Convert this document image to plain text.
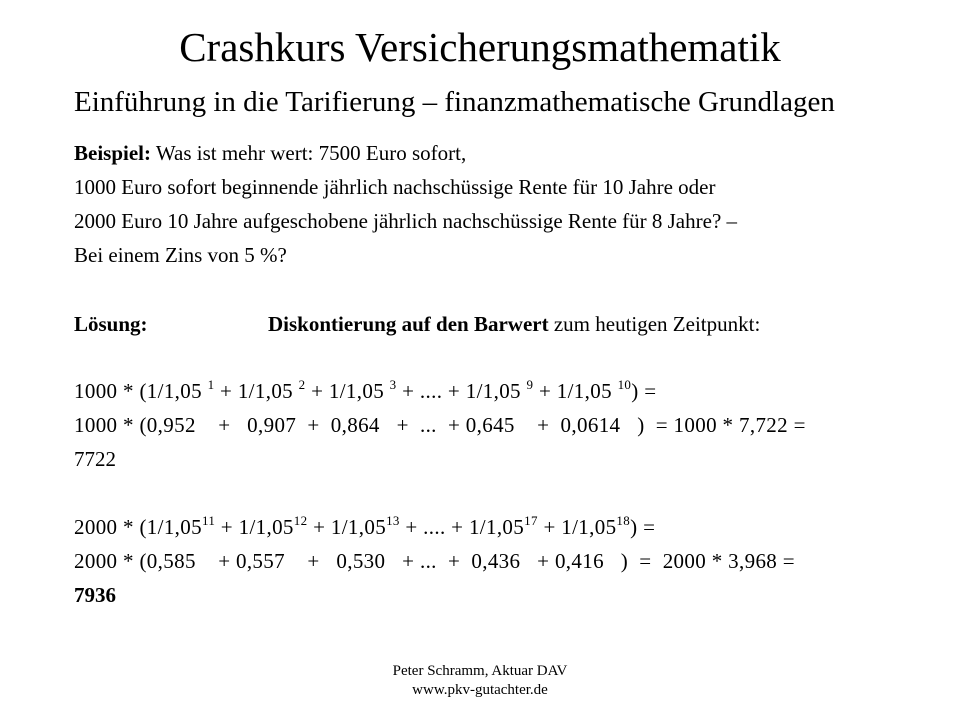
Crashkurs Versicherungsmathematik
Einführung in die Tarifierung – finanzmathematische Grundlagen
Beispiel: Was ist mehr wert: 7500 Euro sofort,
1000 Euro sofort beginnende jährlich nachschüssige Rente für 10 Jahre oder
2000 Euro 10 Jahre aufgeschobene jährlich nachschüssige Rente für 8 Jahre? –
Bei einem Zins von 5 %?
Lösung:	Diskontierung auf den Barwert zum heutigen Zeitpunkt:
1000 * (1/1,05 $^1$ + 1/1,05 $^2$ + 1/1,05 $^3$ + .... + 1/1,05 $^9$ + 1/1,05 $^{10}$) =
1000 * (0,952    +   0,907  +  0,864   +  ...  + 0,645    +  0,0614   )  = 1000 * 7,722 =
7722
$2000 * (1/1,05^{11} + 1/1,05^{12} + 1/1,05^{13}$ + .... + $1/1,05^{17} + 1/1,05^{18}$) =
2000 * (0,585    + 0,557    +   0,530   + ...  +  0,436   + 0,416   )  =  2000 * 3,968 =
7936
Peter Schramm, Aktuar DAV
www.pkv-gutachter.de
